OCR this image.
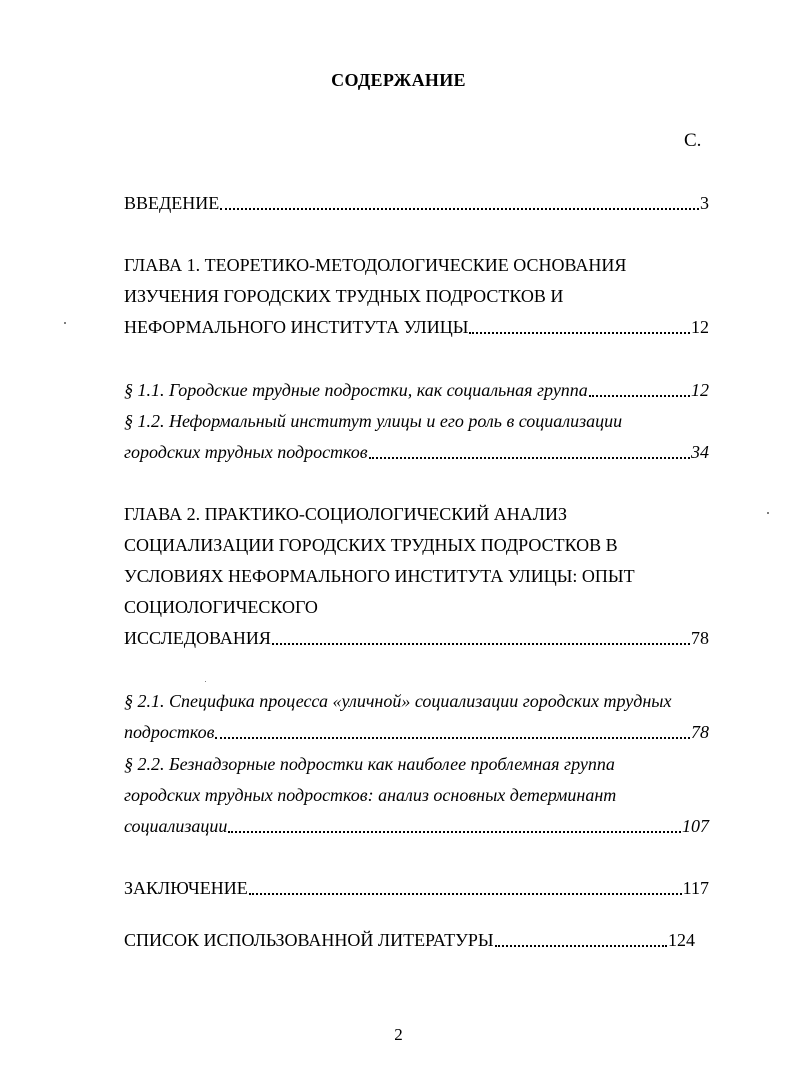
СОДЕРЖАНИЕ
С.
ВВЕДЕНИЕ	3
ГЛАВА 1. ТЕОРЕТИКО-МЕТОДОЛОГИЧЕСКИЕ ОСНОВАНИЯ
ИЗУЧЕНИЯ ГОРОДСКИХ ТРУДНЫХ ПОДРОСТКОВ И
НЕФОРМАЛЬНОГО ИНСТИТУТА УЛИЦЫ	12
§ 1.1. Городские трудные подростки, как социальная группа	12
§ 1.2. Неформальный институт улицы и его роль в социализации
городских трудных подростков	34
ГЛАВА 2. ПРАКТИКО-СОЦИОЛОГИЧЕСКИЙ АНАЛИЗ
СОЦИАЛИЗАЦИИ ГОРОДСКИХ ТРУДНЫХ ПОДРОСТКОВ В
УСЛОВИЯХ НЕФОРМАЛЬНОГО ИНСТИТУТА УЛИЦЫ: ОПЫТ
СОЦИОЛОГИЧЕСКОГО
ИССЛЕДОВАНИЯ	78
§ 2.1. Специфика процесса «уличной» социализации городских трудных
подростков	78
§ 2.2. Безнадзорные подростки как наиболее проблемная группа
городских трудных подростков: анализ основных детерминант
социализации	107
ЗАКЛЮЧЕНИЕ	117
СПИСОК ИСПОЛЬЗОВАННОЙ ЛИТЕРАТУРЫ	124
2
